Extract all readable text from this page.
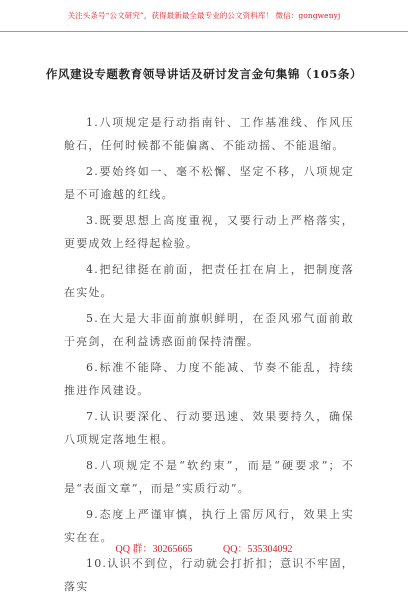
关注头条号“公文研究”，获得最新最全最专业的公文资料库！ 微信：gongwenyj
作风建设专题教育领导讲话及研讨发言金句集锦（105条）

1.八项规定是行动指南针、工作基准线、作风压舱石，任何时候都不能偏离、不能动摇、不能退缩。

2.要始终如一、毫不松懈、坚定不移，八项规定是不可逾越的红线。

3.既要思想上高度重视，又要行动上严格落实，更要成效上经得起检验。

4.把纪律挺在前面，把责任扛在肩上，把制度落在实处。

5.在大是大非面前旗帜鲜明，在歪风邪气面前敢于亮剑，在利益诱惑面前保持清醒。

6.标准不能降、力度不能减、节奏不能乱，持续推进作风建设。

7.认识要深化、行动要迅速、效果要持久，确保八项规定落地生根。

8.八项规定不是“软约束”，而是“硬要求”；不是“表面文章”，而是“实质行动”。

9.态度上严谨审慎，执行上雷厉风行，效果上实实在在。

10.认识不到位，行动就会打折扣；意识不牢固，落实

QQ 群：30265665	QQ：535304092
